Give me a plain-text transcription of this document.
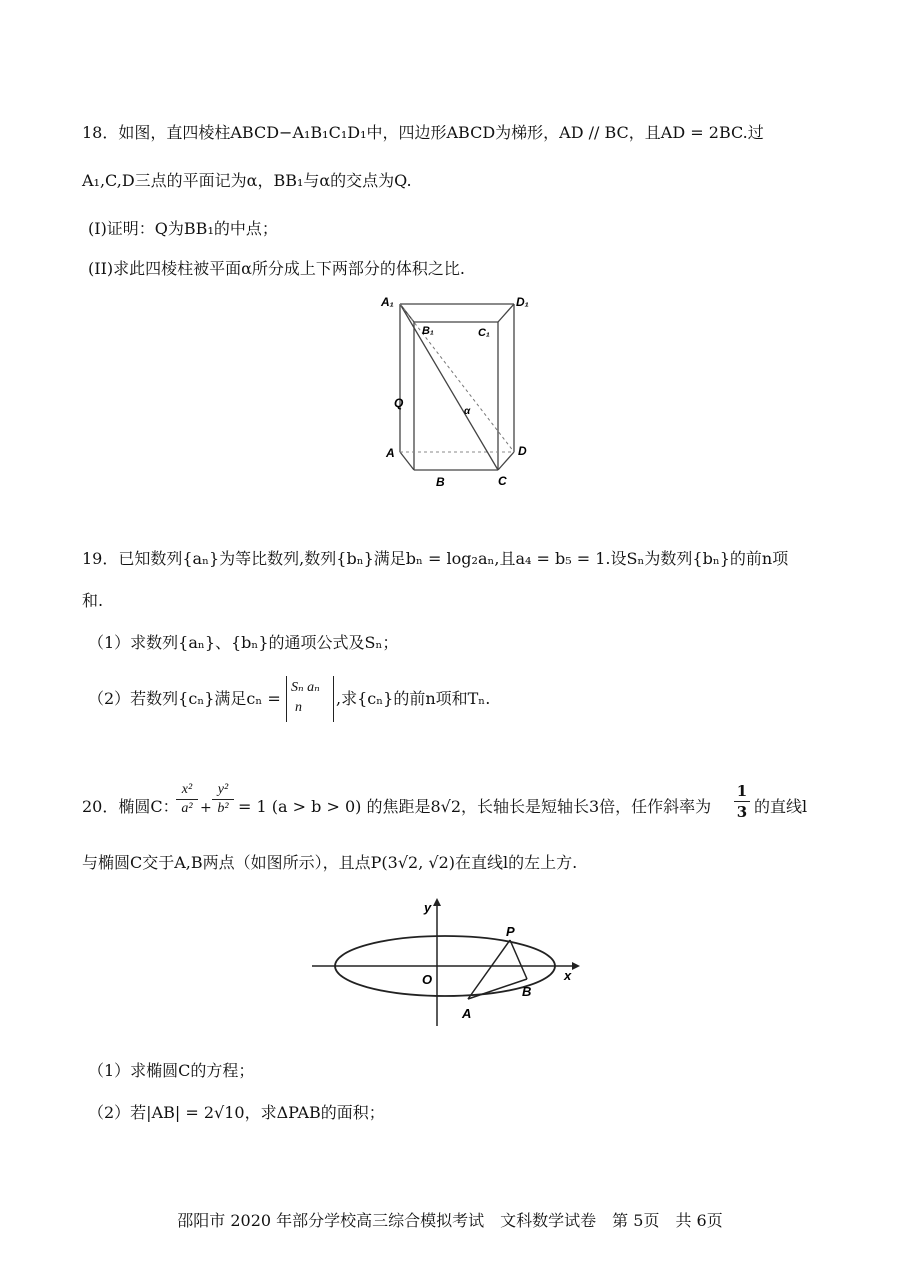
18．如图，直四棱柱ABCD−A₁B₁C₁D₁中，四边形ABCD为梯形，AD // BC，且AD = 2BC.过
A₁,C,D三点的平面记为α，BB₁与α的交点为Q.
(I)证明：Q为BB₁的中点；
(II)求此四棱柱被平面α所分成上下两部分的体积之比.
A₁	D₁
B₁	C₁
Q
α
A	D
B	C
19．已知数列{aₙ}为等比数列,数列{bₙ}满足bₙ = log₂aₙ,且a₄ = b₅ = 1.设Sₙ为数列{bₙ}的前n项
和.
（1）求数列{aₙ}、{bₙ}的通项公式及Sₙ；
（2）若数列{cₙ}满足cₙ =
Sₙ aₙ
n ,求{cₙ}的前n项和Tₙ.
20．椭圆C：
x²
a² +
y²
b² = 1 (a > b > 0) 的焦距是8√2，长轴长是短轴长3倍，任作斜率为
1
3 的直线l
与椭圆C交于A,B两点（如图所示），且点P(3√2, √2)在直线l的左上方.
y
x
O
P
A
B
（1）求椭圆C的方程；
（2）若|AB| = 2√10，求ΔPAB的面积；
邵阳市 2020 年部分学校高三综合模拟考试　文科数学试卷　第 5页　共 6页
